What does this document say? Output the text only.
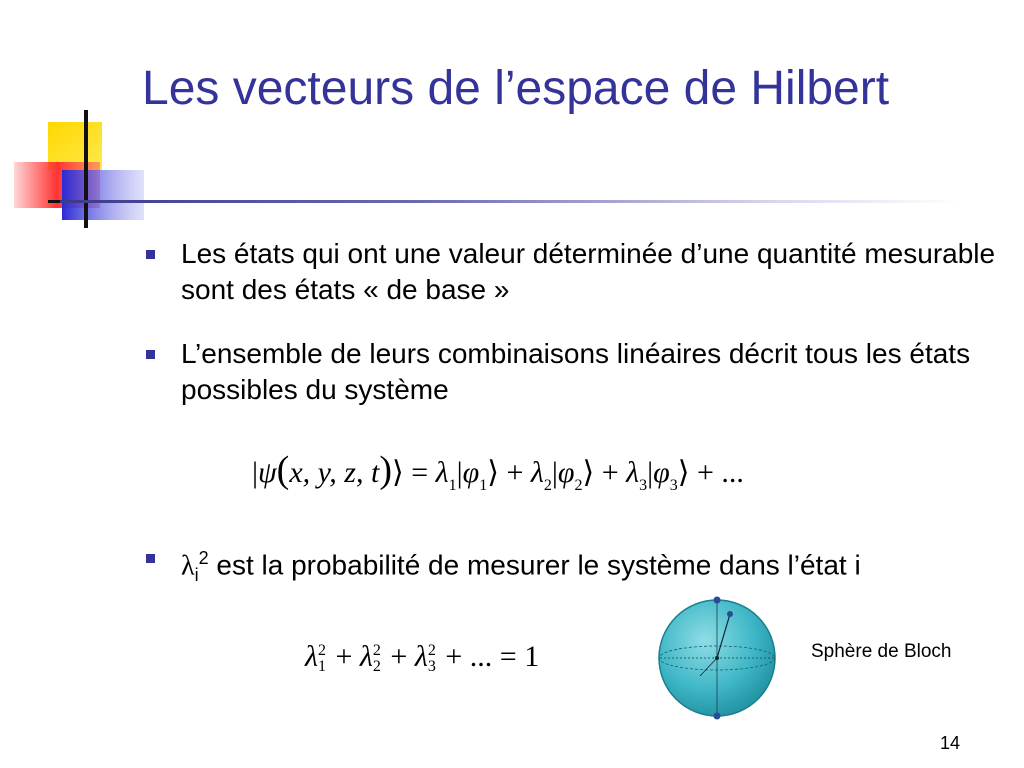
Les vecteurs de l’espace de Hilbert
Les états qui ont une valeur déterminée d’une quantité mesurable sont des états « de base »
L’ensemble de leurs combinaisons linéaires décrit tous les états possibles du système
|ψ(x, y, z, t)⟩ = $\lambda_1|\varphi_1⟩$ + $\lambda_2|\varphi_2⟩$ + $\lambda_3|\varphi_3⟩$ + ...
$\lambda_i^2$ est la probabilité de mesurer le système dans l’état i
λ2
1 + λ2
2 + λ2
3 + ... = 1	Sphère de Bloch
14
